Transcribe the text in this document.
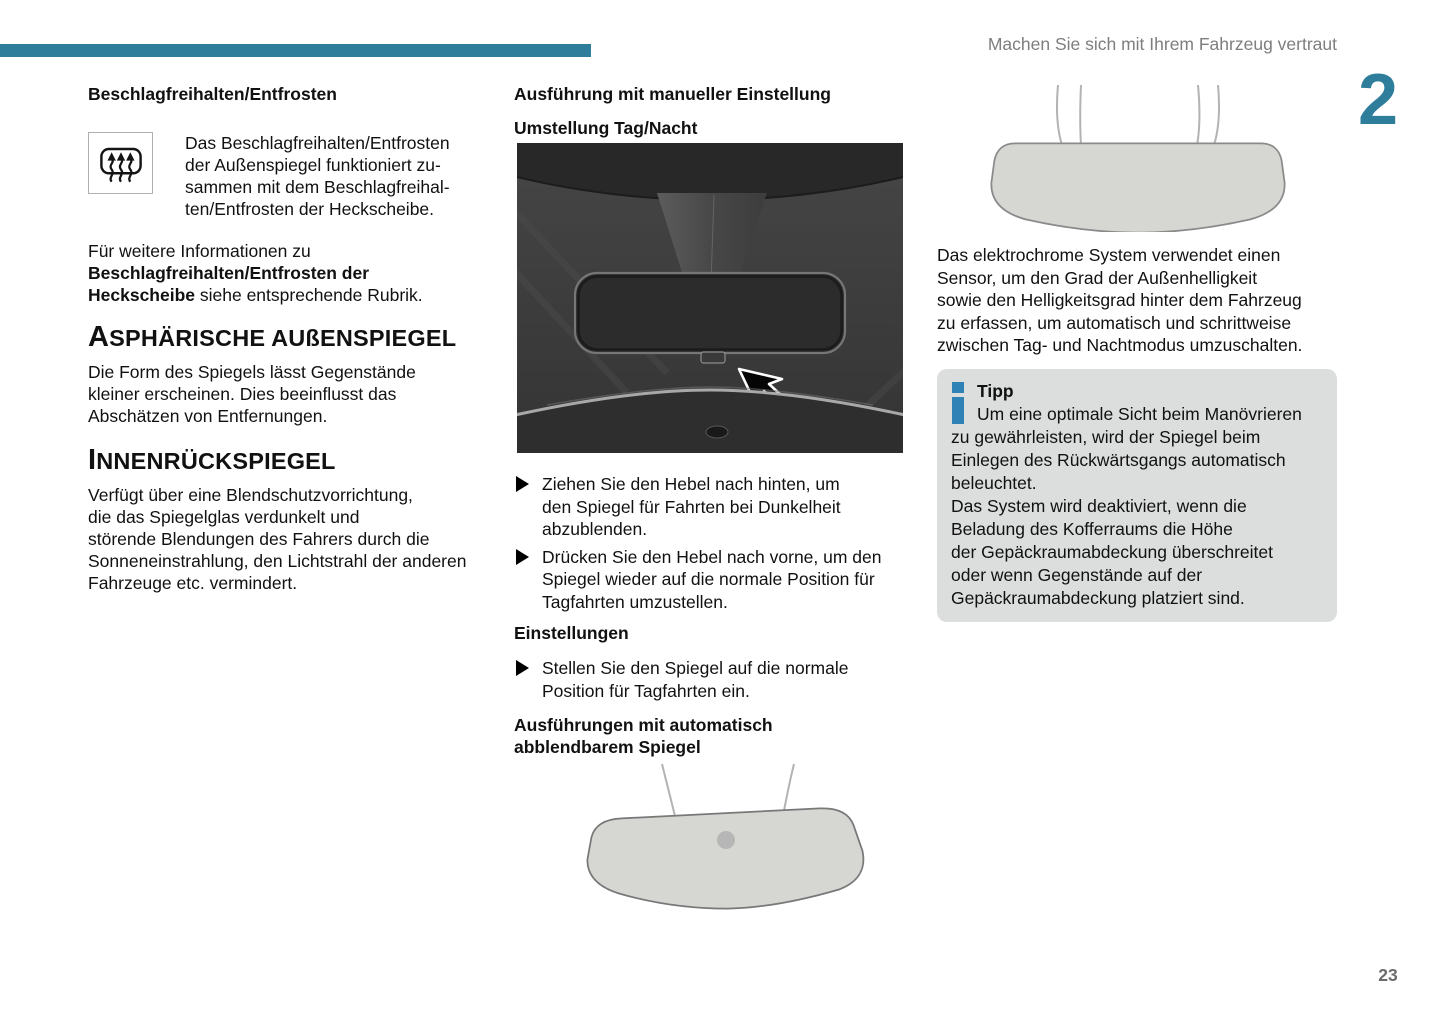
Machen Sie sich mit Ihrem Fahrzeug vertraut
2
23
Beschlagfreihalten/Entfrosten
Das Beschlagfreihalten/Entfrosten
der Außenspiegel funktioniert zu-
sammen mit dem Beschlagfreihal-
ten/Entfrosten der Heckscheibe.
Für weitere Informationen zu
Beschlagfreihalten/Entfrosten der
Heckscheibe siehe entsprechende Rubrik.
ASPHÄRISCHE AUßENSPIEGEL
Die Form des Spiegels lässt Gegenstände
kleiner erscheinen. Dies beeinflusst das
Abschätzen von Entfernungen.
INNENRÜCKSPIEGEL
Verfügt über eine Blendschutzvorrichtung,
die das Spiegelglas verdunkelt und
störende Blendungen des Fahrers durch die
Sonneneinstrahlung, den Lichtstrahl der anderen
Fahrzeuge etc. vermindert.
Ausführung mit manueller Einstellung
Umstellung Tag/Nacht
Ziehen Sie den Hebel nach hinten, um
den Spiegel für Fahrten bei Dunkelheit
abzublenden.
Drücken Sie den Hebel nach vorne, um den
Spiegel wieder auf die normale Position für
Tagfahrten umzustellen.
Einstellungen
Stellen Sie den Spiegel auf die normale
Position für Tagfahrten ein.
Ausführungen mit automatisch
abblendbarem Spiegel
Das elektrochrome System verwendet einen
Sensor, um den Grad der Außenhelligkeit
sowie den Helligkeitsgrad hinter dem Fahrzeug
zu erfassen, um automatisch und schrittweise
zwischen Tag- und Nachtmodus umzuschalten.
Tipp
Um eine optimale Sicht beim Manövrieren
zu gewährleisten, wird der Spiegel beim
Einlegen des Rückwärtsgangs automatisch
beleuchtet.
Das System wird deaktiviert, wenn die
Beladung des Kofferraums die Höhe
der Gepäckraumabdeckung überschreitet
oder wenn Gegenstände auf der
Gepäckraumabdeckung platziert sind.
